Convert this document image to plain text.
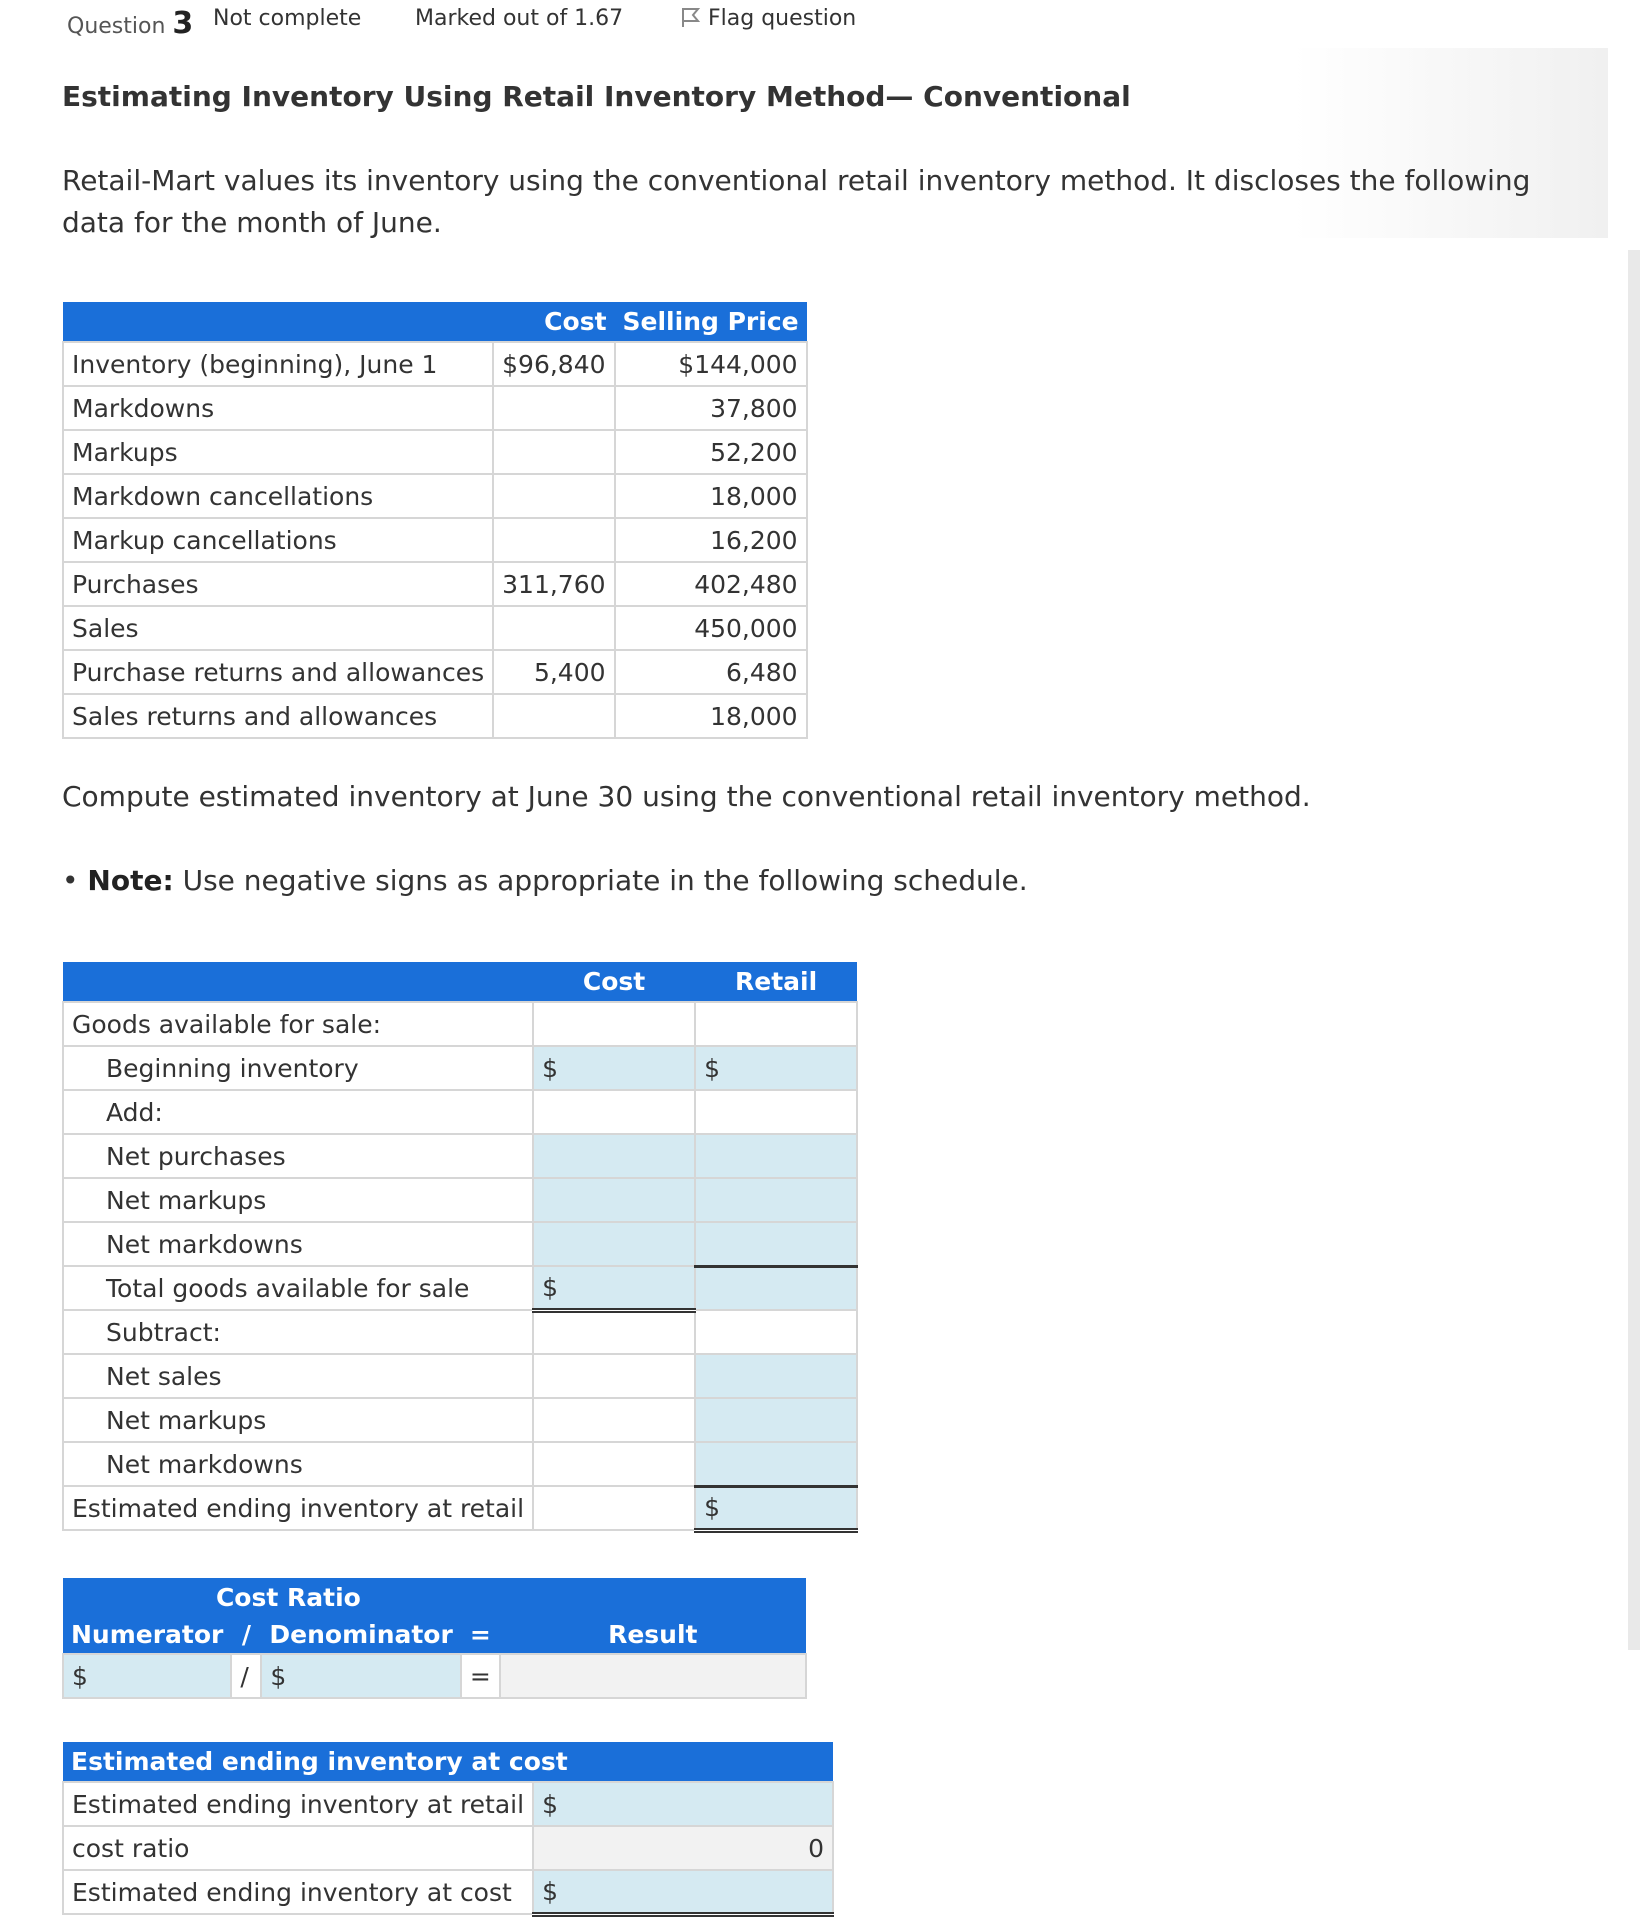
Question 3 Not complete Marked out of 1.67	Flag question
Estimating Inventory Using Retail Inventory Method— Conventional
Retail-Mart values its inventory using the conventional retail inventory method. It discloses the following data for the month of June.
	Cost	Selling Price
Inventory (beginning), June 1	$96,840	$144,000
Markdowns		37,800
Markups		52,200
Markdown cancellations		18,000
Markup cancellations		16,200
Purchases	311,760	402,480
Sales		450,000
Purchase returns and allowances	5,400	6,480
Sales returns and allowances		18,000
Compute estimated inventory at June 30 using the conventional retail inventory method.
• Note: Use negative signs as appropriate in the following schedule.
	Cost	Retail
Goods available for sale:		
Beginning inventory	$	$
Add:		
Net purchases		
Net markups		
Net markdowns		
Total goods available for sale	$	
Subtract:		
Net sales		
Net markups		
Net markdowns		
Estimated ending inventory at retail		$
Cost Ratio				
Numerator	/	Denominator	=	Result
$	/	$	=	
Estimated ending inventory at cost	
Estimated ending inventory at retail	$
cost ratio	0
Estimated ending inventory at cost	$
